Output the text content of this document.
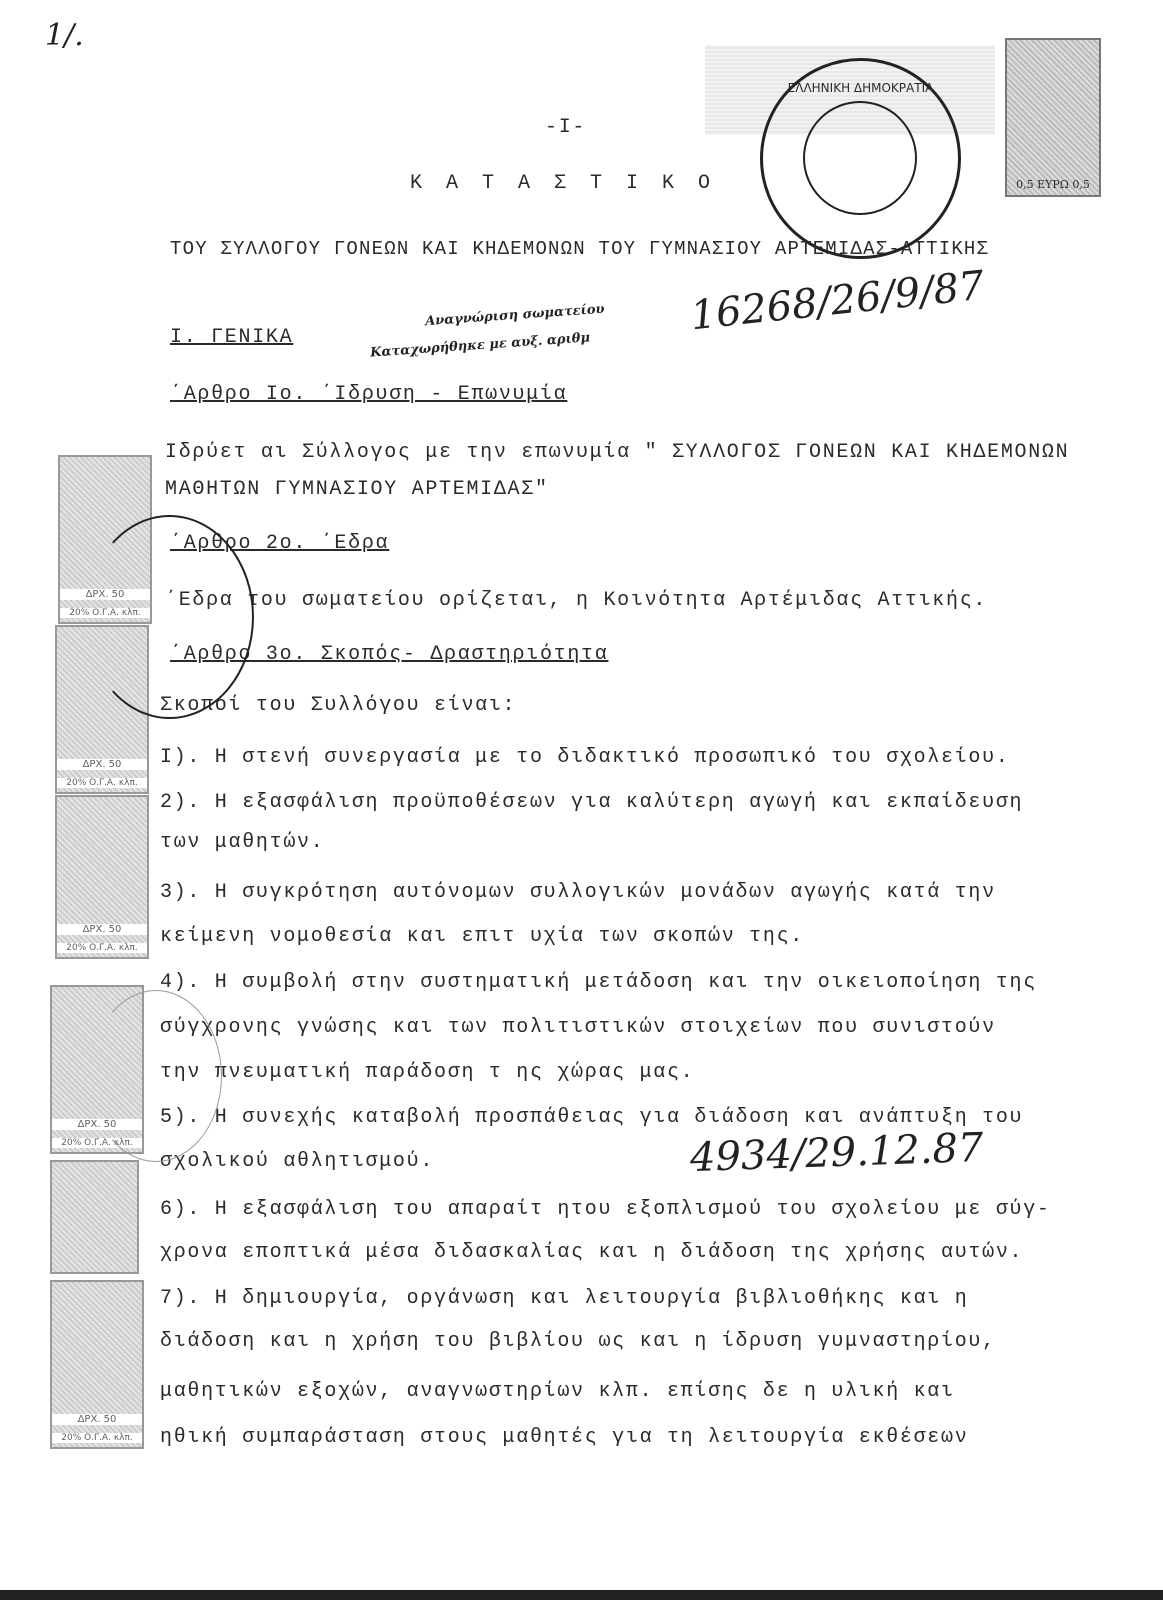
1/.
ΕΛΛΗΝΙΚΗ ΔΗΜΟΚΡΑΤΙΑ
0,5 ΕΥΡΩ 0,5
-I-
Κ Α Τ Α Σ Τ Ι Κ Ο
ΤΟΥ ΣΥΛΛΟΓΟΥ ΓΟΝΕΩΝ ΚΑΙ ΚΗΔΕΜΟΝΩΝ ΤΟΥ ΓΥΜΝΑΣΙΟΥ ΑΡΤΕΜΙΔΑΣ-ΑΤΤΙΚΗΣ
Ι. ΓΕΝΙΚΑ
Αναγνώριση σωματείου
Καταχωρήθηκε με αυξ. αριθμ
16268/26/9/87
΄Αρθρο Ιο. ΄Ιδρυση - Επωνυμία
Ιδρύετ αι Σύλλογος με την επωνυμία " ΣΥΛΛΟΓΟΣ ΓΟΝΕΩΝ ΚΑΙ ΚΗΔΕΜΟΝΩΝ
ΜΑΘΗΤΩΝ ΓΥΜΝΑΣΙΟΥ ΑΡΤΕΜΙΔΑΣ"
΄Αρθρο 2ο. ΄Εδρα
΄Εδρα του σωματείου ορίζεται, η Κοινότητα Αρτέμιδας Αττικής.
΄Αρθρο 3ο. Σκοπός- Δραστηριότητα
Σκοποί του Συλλόγου είναι:
I). Η στενή συνεργασία με το διδακτικό προσωπικό του σχολείου.
2). Η εξασφάλιση προϋποθέσεων για καλύτερη αγωγή και εκπαίδευση
των μαθητών.
3). Η συγκρότηση αυτόνομων συλλογικών μονάδων αγωγής κατά την
κείμενη νομοθεσία και επιτ υχία των σκοπών της.
4). Η συμβολή στην συστηματική μετάδοση και την οικειοποίηση της
σύγχρονης γνώσης και των πολιτιστικών στοιχείων που συνιστούν
την πνευματική παράδοση τ ης χώρας μας.
5). Η συνεχής καταβολή προσπάθειας για διάδοση και ανάπτυξη του
σχολικού αθλητισμού.	4934/29.12.87
6). Η εξασφάλιση του απαραίτ ητου εξοπλισμού του σχολείου με σύγ-
χρονα εποπτικά μέσα διδασκαλίας και η διάδοση της χρήσης αυτών.
7). Η δημιουργία, οργάνωση και λειτουργία βιβλιοθήκης και η
διάδοση και η χρήση του βιβλίου ως και η ίδρυση γυμναστηρίου,
μαθητικών εξοχών, αναγνωστηρίων κλπ. επίσης δε η υλική και
ηθική συμπαράσταση στους μαθητές για τη λειτουργία εκθέσεων
ΔΡΧ. 50
20% Ο.Γ.Α. κλπ.
ΔΡΧ. 50
20% Ο.Γ.Α. κλπ.
ΔΡΧ. 50
20% Ο.Γ.Α. κλπ.
ΔΡΧ. 50
20% Ο.Γ.Α. κλπ.
ΔΡΧ. 50
20% Ο.Γ.Α. κλπ.
